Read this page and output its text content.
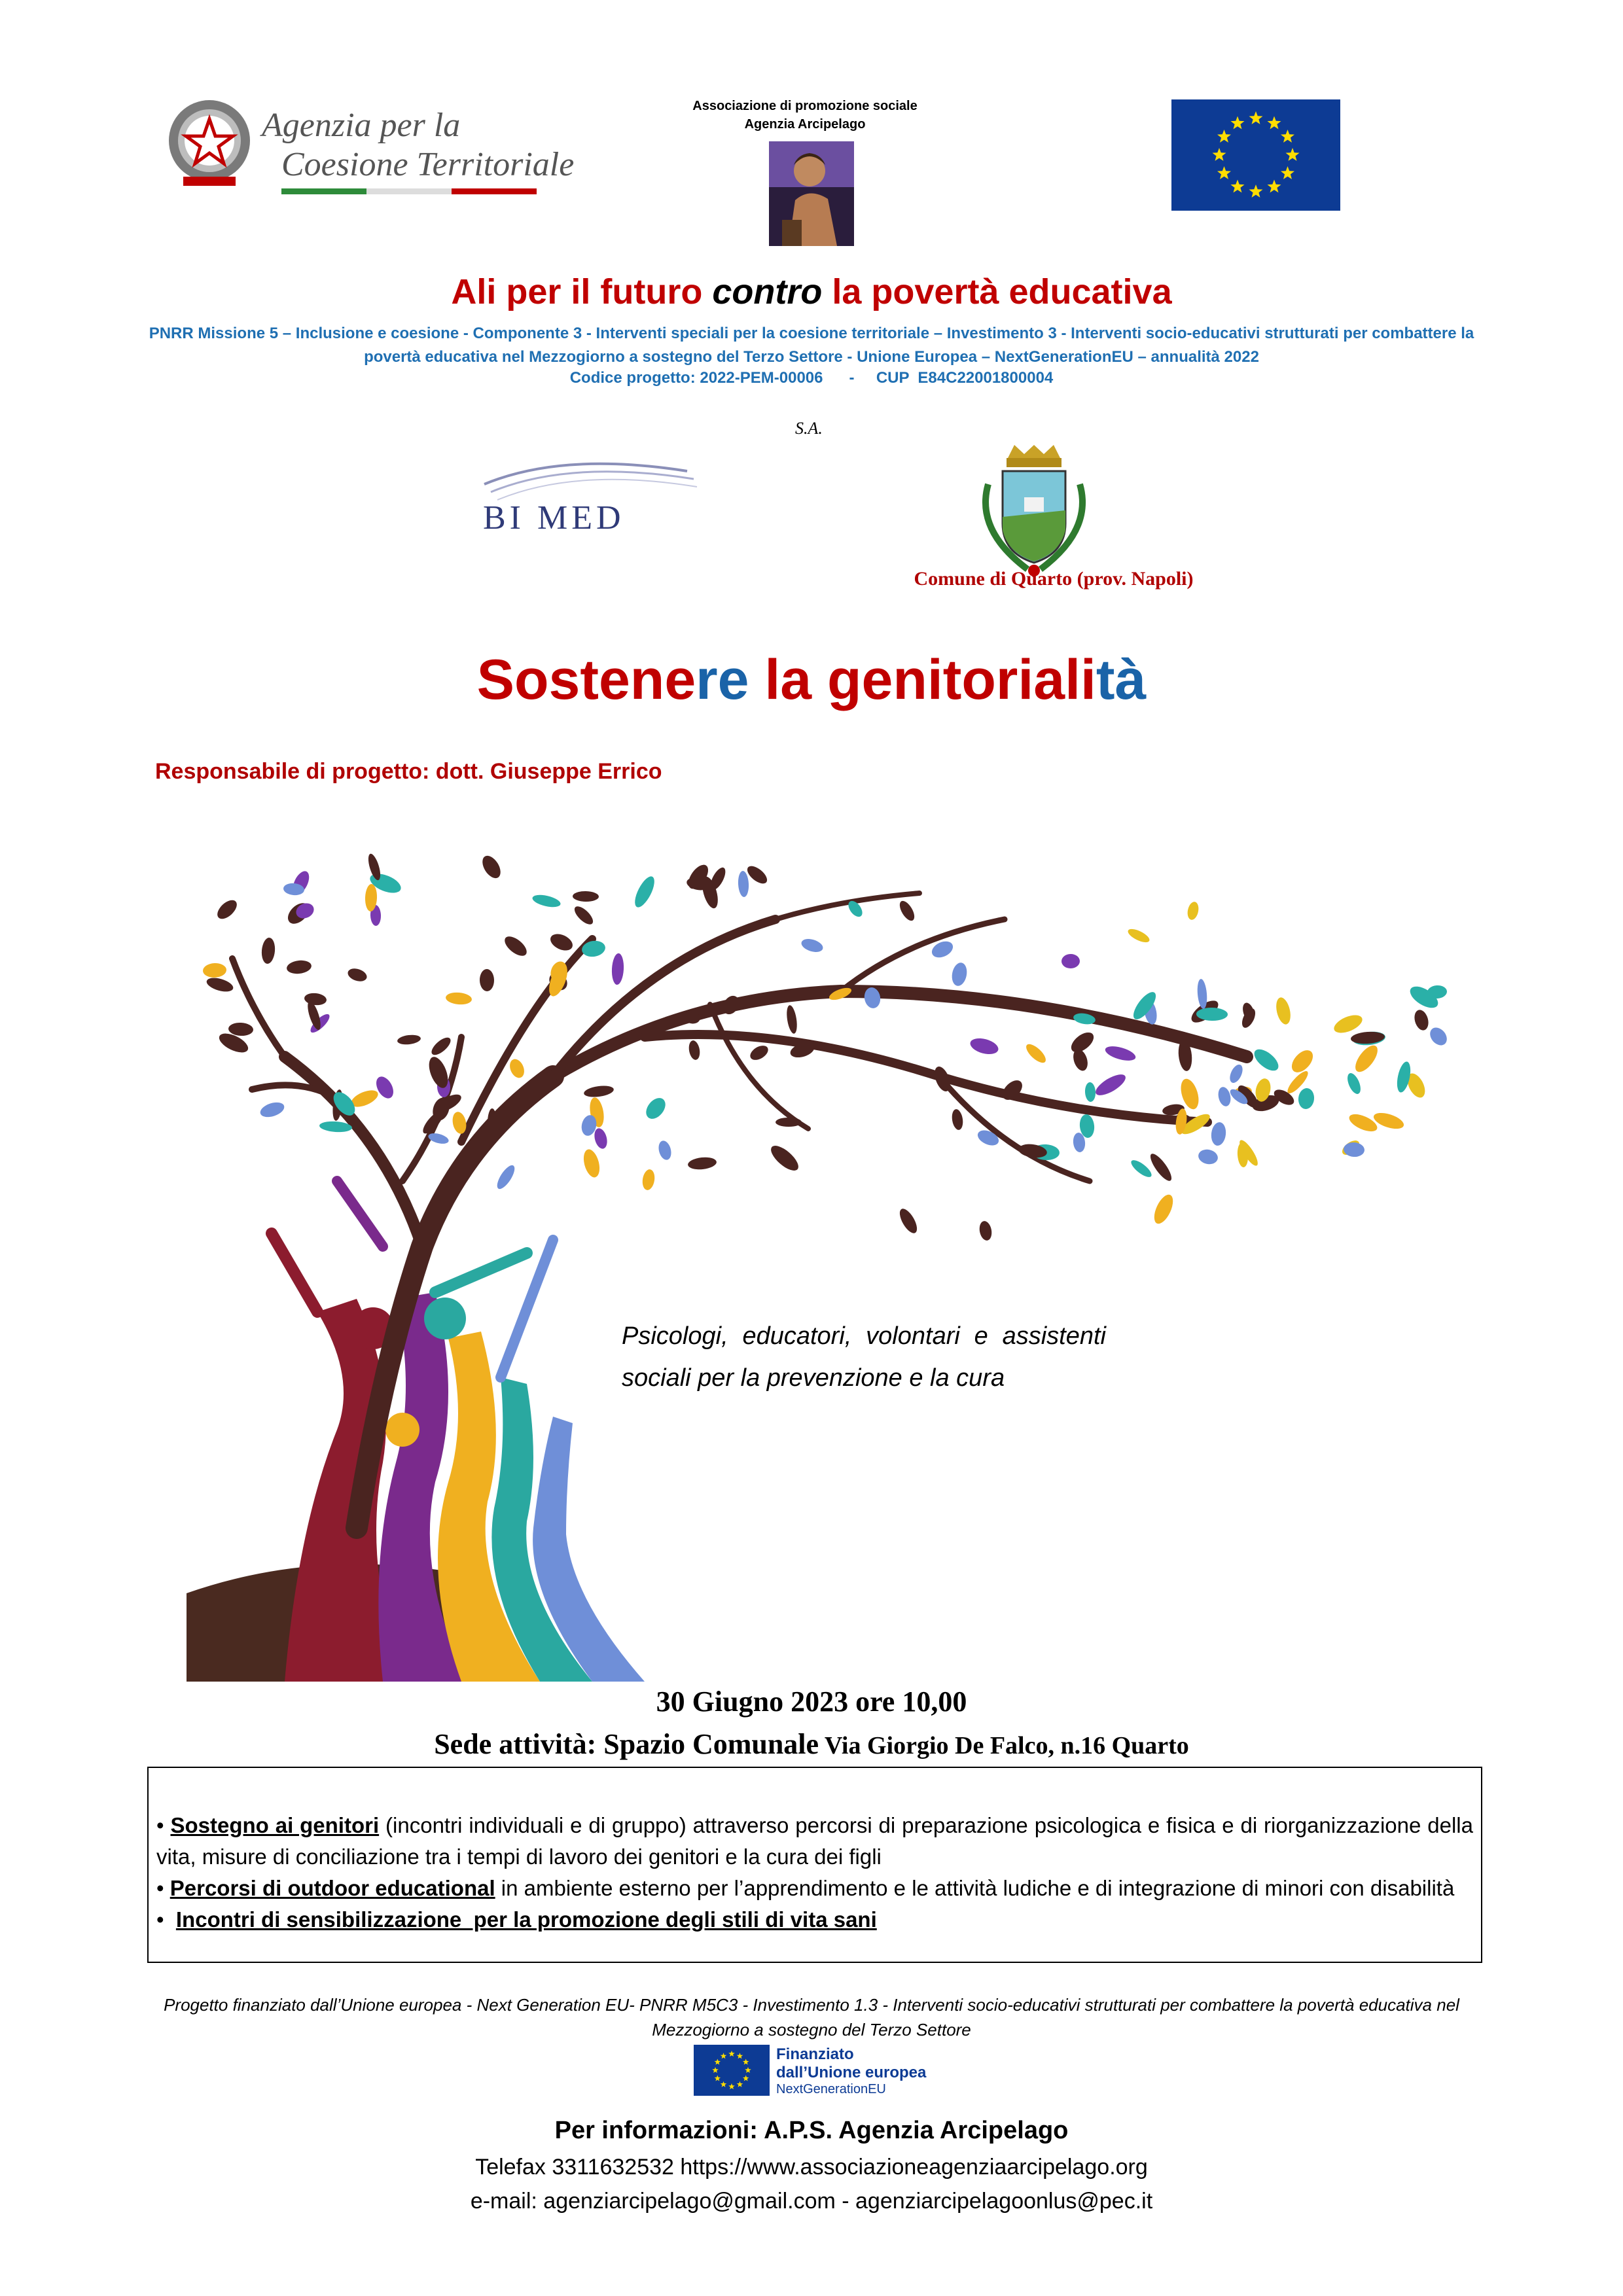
Agenzia per la
Coesione Territoriale
Associazione di promozione sociale
Agenzia Arcipelago
Ali per il futuro contro la povertà educativa
PNRR Missione 5 – Inclusione e coesione - Componente 3 - Interventi speciali per la coesione territoriale – Investimento 3 - Interventi socio-educativi strutturati per combattere la povertà educativa nel Mezzogiorno a sostegno del Terzo Settore - Unione Europea – NextGenerationEU – annualità 2022
Codice progetto: 2022-PEM-00006      -     CUP  E84C22001800004
S.A.
BI MED
Comune di Quarto (prov. Napoli)
Sostenere la genitorialità
Responsabile di progetto: dott. Giuseppe Errico
Psicologi, educatori, volontari e assistenti sociali per la prevenzione e la cura
30 Giugno 2023 ore 10,00
Sede attività: Spazio Comunale Via Giorgio De Falco, n.16 Quarto

• Sostegno ai genitori (incontri individuali e di gruppo) attraverso percorsi di preparazione psicologica e fisica e di riorganizzazione della vita, misure di conciliazione tra i tempi di lavoro dei genitori e la cura dei figli

• Percorsi di outdoor educational in ambiente esterno per l’apprendimento e le attività ludiche e di integrazione di minori con disabilità

•  Incontri di sensibilizzazione  per la promozione degli stili di vita sani

Progetto finanziato dall’Unione europea - Next Generation EU- PNRR M5C3 - Investimento 1.3 - Interventi socio-educativi strutturati per combattere la povertà educativa nel Mezzogiorno a sostegno del Terzo Settore
Finanziato
dall’Unione europea
NextGenerationEU
Per informazioni: A.P.S. Agenzia Arcipelago
Telefax 3311632532 https://www.associazioneagenziaarcipelago.org
e-mail: agenziarcipelago@gmail.com - agenziarcipelagoonlus@pec.it
